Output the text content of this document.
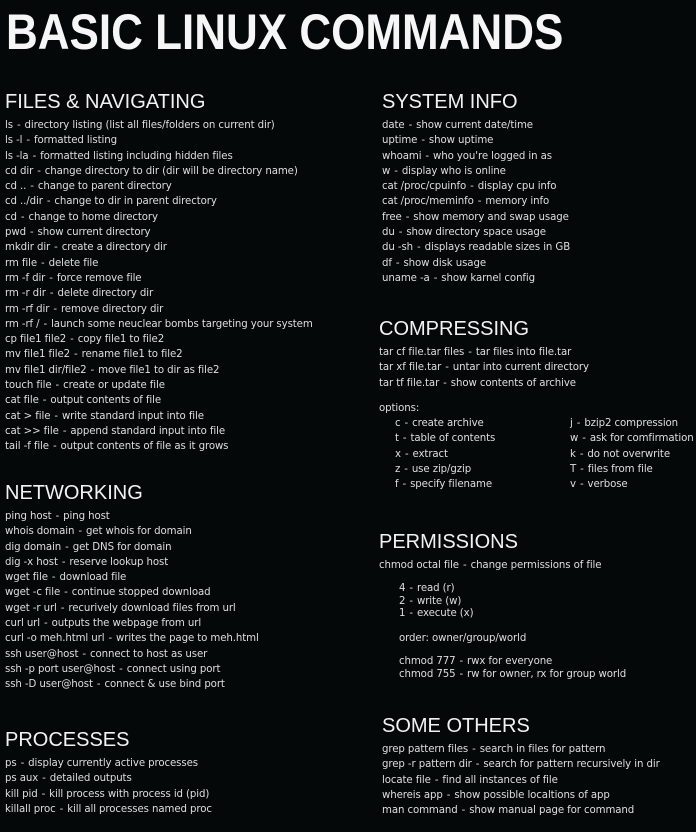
BASIC LINUX COMMANDS
FILES & NAVIGATING
ls - directory listing (list all files/folders on current dir)
ls -l - formatted listing
ls -la - formatted listing including hidden files
cd dir - change directory to dir (dir will be directory name)
cd .. - change to parent directory
cd ../dir - change to dir in parent directory
cd - change to home directory
pwd - show current directory
mkdir dir - create a directory dir
rm file - delete file
rm -f dir - force remove file
rm -r dir - delete directory dir
rm -rf dir - remove directory dir
rm -rf / - launch some neuclear bombs targeting your system
cp file1 file2 - copy file1 to file2
mv file1 file2 - rename file1 to file2
mv file1 dir/file2 - move file1 to dir as file2
touch file - create or update file
cat file - output contents of file
cat > file - write standard input into file
cat >> file - append standard input into file
tail -f file - output contents of file as it grows
NETWORKING
ping host - ping host
whois domain - get whois for domain
dig domain - get DNS for domain
dig -x host - reserve lookup host
wget file - download file
wget -c file - continue stopped download
wget -r url - recurively download files from url
curl url - outputs the webpage from url
curl -o meh.html url - writes the page to meh.html
ssh user@host - connect to host as user
ssh -p port user@host - connect using port
ssh -D user@host - connect & use bind port
PROCESSES
ps - display currently active processes
ps aux - detailed outputs
kill pid - kill process with process id (pid)
killall proc - kill all processes named proc
SYSTEM INFO
date - show current date/time
uptime - show uptime
whoami - who you're logged in as
w - display who is online
cat /proc/cpuinfo - display cpu info
cat /proc/meminfo - memory info
free - show memory and swap usage
du - show directory space usage
du -sh - displays readable sizes in GB
df - show disk usage
uname -a - show karnel config
COMPRESSING
tar cf file.tar files - tar files into file.tar
tar xf file.tar - untar into current directory
tar tf file.tar - show contents of archive
options:
c - create archive	j - bzip2 compression
t - table of contents	w - ask for comfirmation
x - extract	k - do not overwrite
z - use zip/gzip	T - files from file
f - specify filename	v - verbose
PERMISSIONS
chmod octal file - change permissions of file
4 - read (r)
2 - write (w)
1 - execute (x)
order: owner/group/world
chmod 777 - rwx for everyone
chmod 755 - rw for owner, rx for group world
SOME OTHERS
grep pattern files - search in files for pattern
grep -r pattern dir - search for pattern recursively in dir
locate file - find all instances of file
whereis app - show possible localtions of app
man command - show manual page for command
